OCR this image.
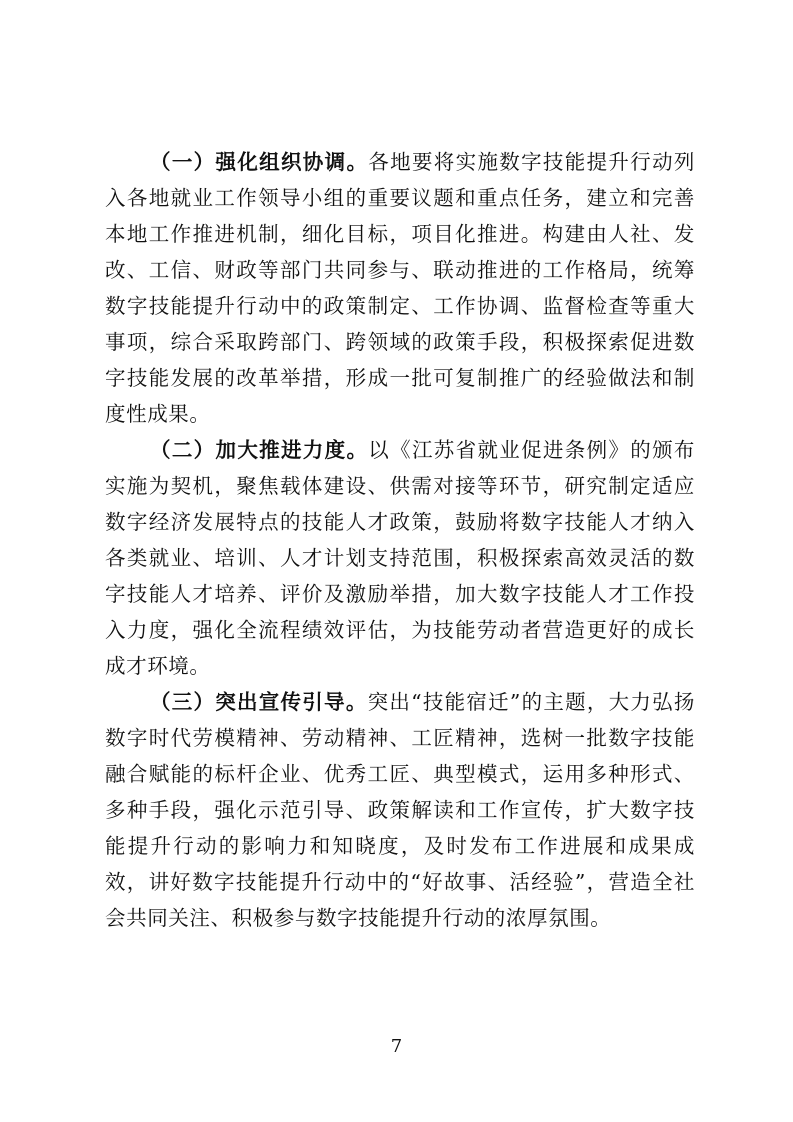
（一）强化组织协调。各地要将实施数字技能提升行动列入各地就业工作领导小组的重要议题和重点任务，建立和完善本地工作推进机制，细化目标，项目化推进。构建由人社、发改、工信、财政等部门共同参与、联动推进的工作格局，统筹数字技能提升行动中的政策制定、工作协调、监督检查等重大事项，综合采取跨部门、跨领域的政策手段，积极探索促进数字技能发展的改革举措，形成一批可复制推广的经验做法和制度性成果。

（二）加大推进力度。以《江苏省就业促进条例》的颁布实施为契机，聚焦载体建设、供需对接等环节，研究制定适应数字经济发展特点的技能人才政策，鼓励将数字技能人才纳入各类就业、培训、人才计划支持范围，积极探索高效灵活的数字技能人才培养、评价及激励举措，加大数字技能人才工作投入力度，强化全流程绩效评估，为技能劳动者营造更好的成长成才环境。

（三）突出宣传引导。突出“技能宿迁”的主题，大力弘扬数字时代劳模精神、劳动精神、工匠精神，选树一批数字技能融合赋能的标杆企业、优秀工匠、典型模式，运用多种形式、多种手段，强化示范引导、政策解读和工作宣传，扩大数字技能提升行动的影响力和知晓度，及时发布工作进展和成果成效，讲好数字技能提升行动中的“好故事、活经验”，营造全社会共同关注、积极参与数字技能提升行动的浓厚氛围。

7
